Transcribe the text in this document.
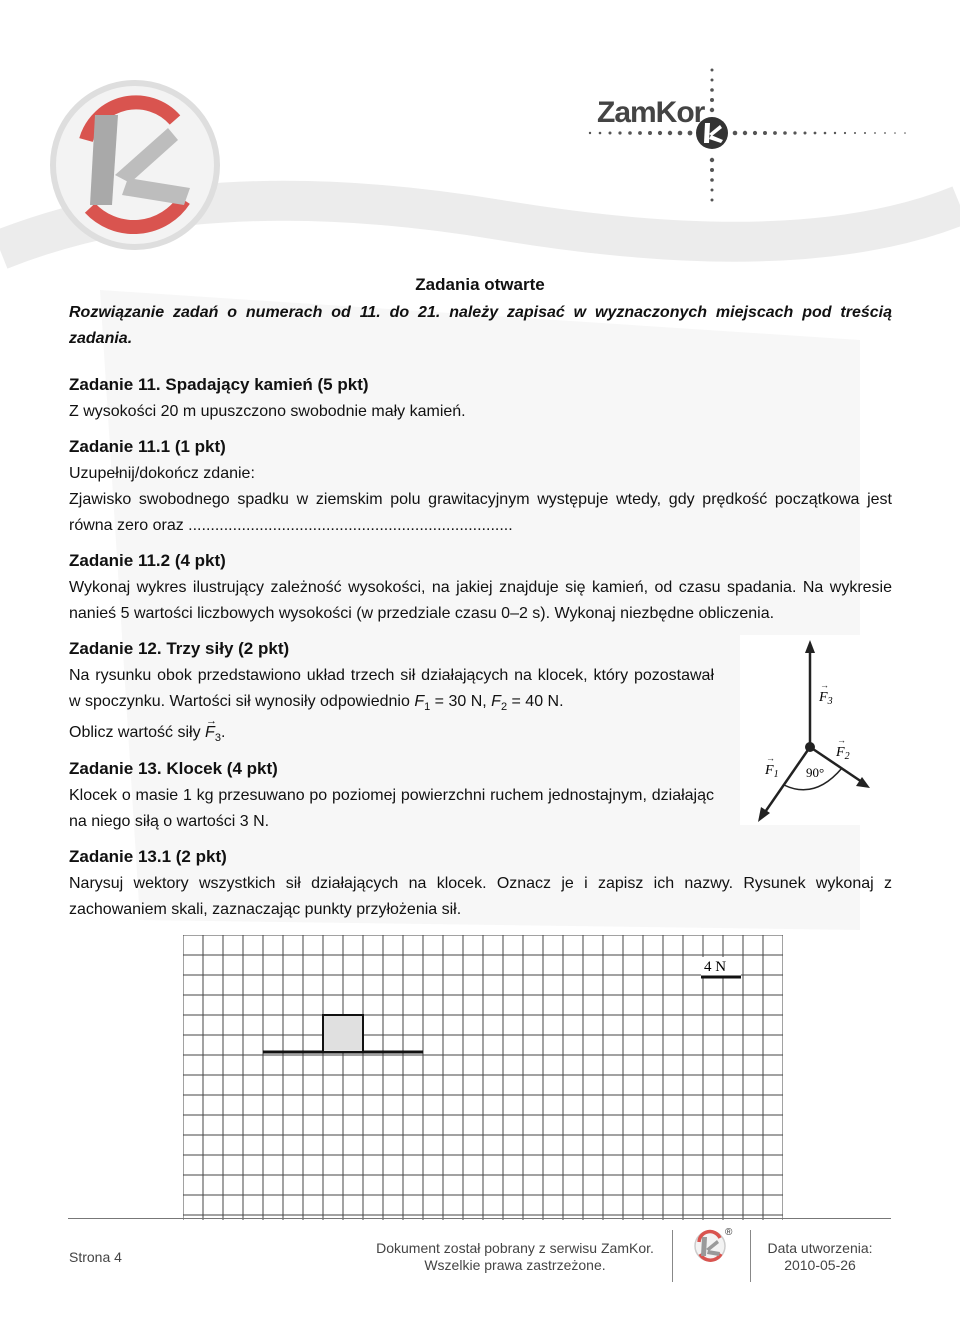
ZamKor
Zadania otwarte
Rozwiązanie zadań o numerach od 11. do 21. należy zapisać w wyznaczonych miejscach pod treścią zadania.
Zadanie 11. Spadający kamień (5 pkt)
Z wysokości 20 m upuszczono swobodnie mały kamień.
Zadanie 11.1 (1 pkt)
Uzupełnij/dokończ zdanie:
Zjawisko swobodnego spadku w ziemskim polu grawitacyjnym występuje wtedy, gdy prędkość początkowa jest równa zero oraz .........................................................................
Zadanie 11.2 (4 pkt)
Wykonaj wykres ilustrujący zależność wysokości, na jakiej znajduje się kamień, od czasu spadania. Na wykresie nanieś 5 wartości liczbowych wysokości (w przedziale czasu 0–2 s). Wykonaj niezbędne obliczenia.
Zadanie 12. Trzy siły (2 pkt)
Na rysunku obok przedstawiono układ trzech sił działających na klocek, który pozostawał w spoczynku. Wartości sił wynosiły odpowiednio $F_1 = 30$ N, $F_2 = 40$ N.
Oblicz wartość siły → $F_3$.
$F_3$
$F_2$
$F_1$ 90°
→
→
→
Zadanie 13. Klocek (4 pkt)
Klocek o masie 1 kg przesuwano po poziomej powierzchni ruchem jednostajnym, działając na niego siłą o wartości 3 N.
Zadanie 13.1 (2 pkt)
Narysuj wektory wszystkich sił działających na klocek. Oznacz je i zapisz ich nazwy. Rysunek wykonaj z zachowaniem skali, zaznaczając punkty przyłożenia sił.
4 N
Strona 4
Dokument został pobrany z serwisu ZamKor.
Wszelkie prawa zastrzeżone.
®
Data utworzenia:
2010-05-26
